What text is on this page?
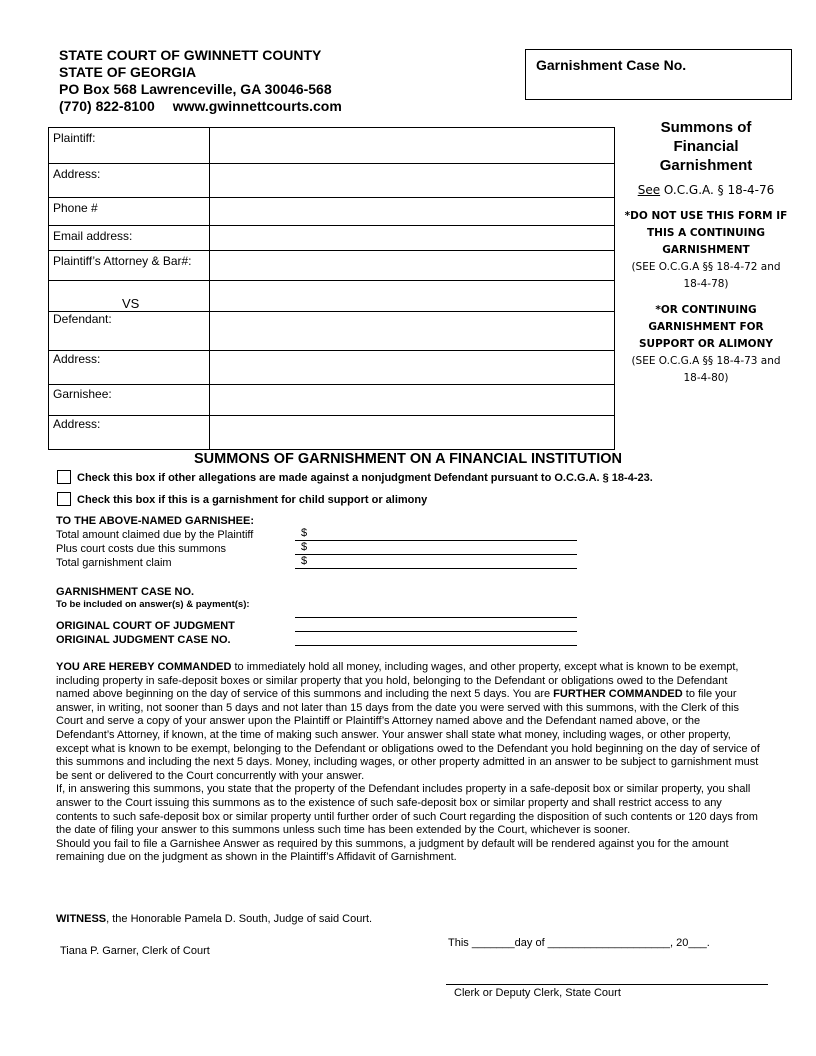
STATE COURT OF GWINNETT COUNTY
STATE OF GEORGIA
PO Box 568 Lawrenceville, GA 30046-568
(770) 822-8100 www.gwinnettcourts.com
Garnishment Case No.
Plaintiff:
Address:
Phone #
Email address:
Plaintiff’s Attorney & Bar#:
VS
Defendant:
Address:
Garnishee:
Address:
Summons of
Financial
Garnishment
See O.C.G.A. § 18-4-76
*DO NOT USE THIS FORM IF
THIS A CONTINUING
GARNISHMENT
(SEE O.C.G.A §§ 18-4-72 and
18-4-78)
*OR CONTINUING
GARNISHMENT FOR
SUPPORT OR ALIMONY
(SEE O.C.G.A §§ 18-4-73 and
18-4-80)
SUMMONS OF GARNISHMENT ON A FINANCIAL INSTITUTION
Check this box if other allegations are made against a nonjudgment Defendant pursuant to O.C.G.A. § 18-4-23.
Check this box if this is a garnishment for child support or alimony
TO THE ABOVE-NAMED GARNISHEE:
Total amount claimed due by the Plaintiff
Plus court costs due this summons
Total garnishment claim
$
$
$
GARNISHMENT CASE NO.
To be included on answer(s) & payment(s):
ORIGINAL COURT OF JUDGMENT
ORIGINAL JUDGMENT CASE NO.

YOU ARE HEREBY COMMANDED to immediately hold all money, including wages, and other property, except what is known to be exempt, including property in safe-deposit boxes or similar property that you hold, belonging to the Defendant or obligations owed to the Defendant named above beginning on the day of service of this summons and including the next 5 days. You are FURTHER COMMANDED to file your answer, in writing, not sooner than 5 days and not later than 15 days from the date you were served with this summons, with the Clerk of this Court and serve a copy of your answer upon the Plaintiff or Plaintiff’s Attorney named above and the Defendant named above, or the Defendant’s Attorney, if known, at the time of making such answer. Your answer shall state what money, including wages, or other property, except what is known to be exempt, belonging to the Defendant or obligations owed to the Defendant you hold beginning on the day of service of this summons and including the next 5 days. Money, including wages, or other property admitted in an answer to be subject to garnishment must be sent or delivered to the Court concurrently with your answer.

If, in answering this summons, you state that the property of the Defendant includes property in a safe-deposit box or similar property, you shall answer to the Court issuing this summons as to the existence of such safe-deposit box or similar property and shall restrict access to any contents to such safe-deposit box or similar property until further order of such Court regarding the disposition of such contents or 120 days from the date of filing your answer to this summons unless such time has been extended by the Court, whichever is sooner.

Should you fail to file a Garnishee Answer as required by this summons, a judgment by default will be rendered against you for the amount remaining due on the judgment as shown in the Plaintiff’s Affidavit of Garnishment.

WITNESS, the Honorable Pamela D. South, Judge of said Court.
This _______day of ____________________, 20___.
Tiana P. Garner, Clerk of Court
Clerk or Deputy Clerk, State Court
